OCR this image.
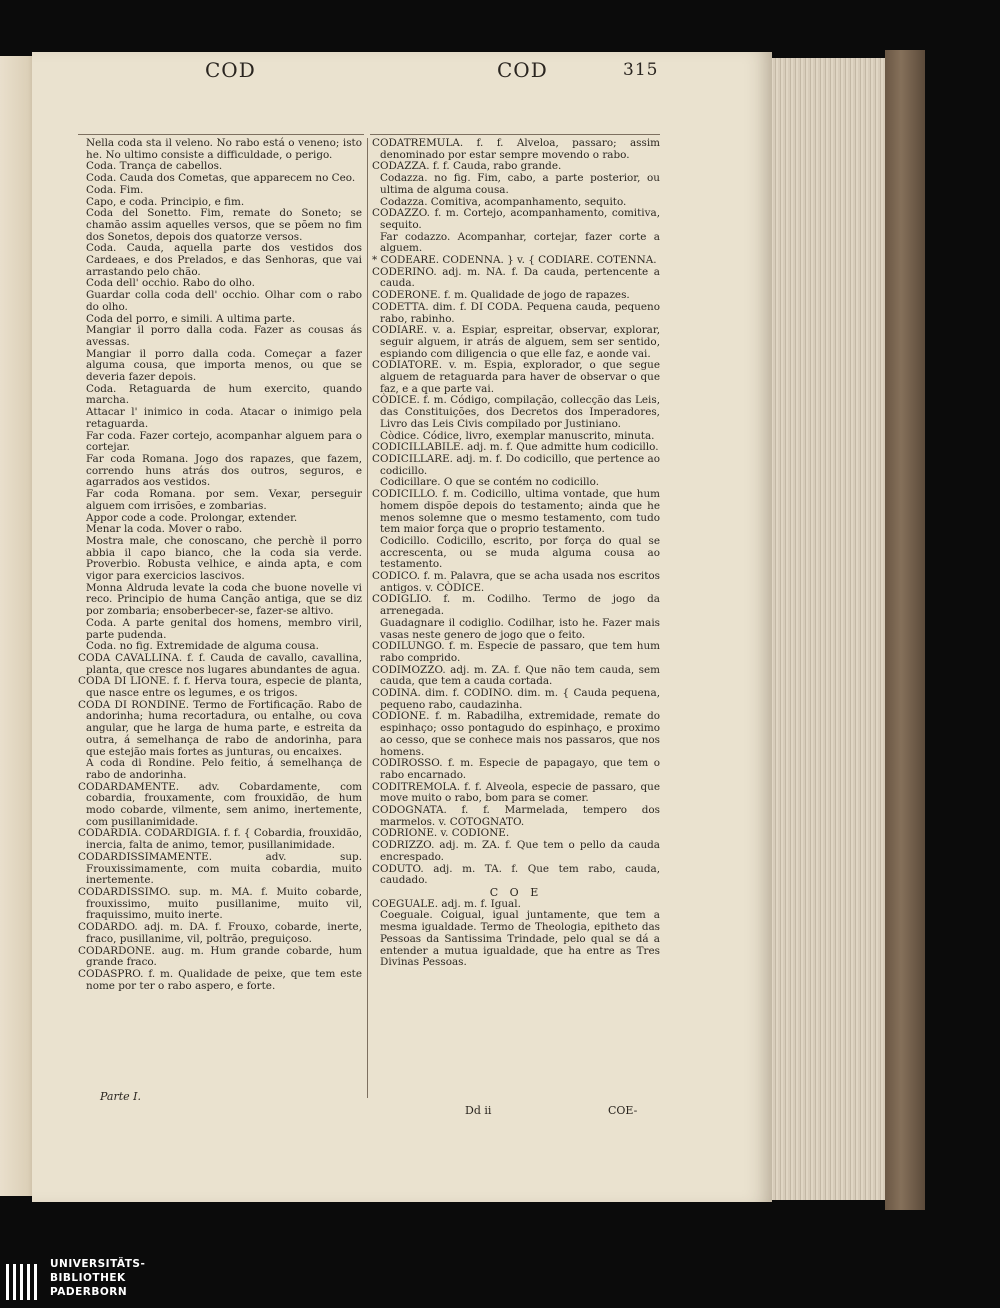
COD	COD	315

Nella coda sta il veleno. No rabo está o veneno; isto he. No ultimo consiste a difficuldade, o perigo.

Coda. Trança de cabellos.

Coda. Cauda dos Cometas, que apparecem no Ceo.

Coda. Fim.

Capo, e coda. Principio, e fim.

Coda del Sonetto. Fim, remate do Soneto; se chamão assim aquelles versos, que se põem no fim dos Sonetos, depois dos quatorze versos.

Coda. Cauda, aquella parte dos vestidos dos Cardeaes, e dos Prelados, e das Senhoras, que vai arrastando pelo chão.

Coda dell' occhio. Rabo do olho.

Guardar colla coda dell' occhio. Olhar com o rabo do olho.

Coda del porro, e simili. A ultima parte.

Mangiar il porro dalla coda. Fazer as cousas ás avessas.

Mangiar il porro dalla coda. Começar a fazer alguma cousa, que importa menos, ou que se deveria fazer depois.

Coda. Retaguarda de hum exercito, quando marcha.

Attacar l' inimico in coda. Atacar o inimigo pela retaguarda.

Far coda. Fazer cortejo, acompanhar alguem para o cortejar.

Far coda Romana. Jogo dos rapazes, que fazem, correndo huns atrás dos outros, seguros, e agarrados aos vestidos.

Far coda Romana. por sem. Vexar, perseguir alguem com irrisões, e zombarias.

Appor code a code. Prolongar, extender.

Menar la coda. Mover o rabo.

Mostra male, che conoscano, che perchè il porro abbia il capo bianco, che la coda sia verde. Proverbio. Robusta velhice, e ainda apta, e com vigor para exercicios lascivos.

Monna Aldruda levate la coda che buone novelle vi reco. Principio de huma Canção antiga, que se diz por zombaria; ensoberbecer-se, fazer-se altivo.

Coda. A parte genital dos homens, membro viril, parte pudenda.

Coda. no fig. Extremidade de alguma cousa.

CODA CAVALLINA. f. f. Cauda de cavallo, cavallina, planta, que cresce nos lugares abundantes de agua.

CODA DI LIONE. f. f. Herva toura, especie de planta, que nasce entre os legumes, e os trigos.

CODA DI RONDINE. Termo de Fortificação. Rabo de andorinha; huma recortadura, ou entalhe, ou cova angular, que he larga de huma parte, e estreita da outra, á semelhança de rabo de andorinha, para que estejão mais fortes as junturas, ou encaixes.

A coda di Rondine. Pelo feitio, á semelhança de rabo de andorinha.

CODARDAMENTE. adv. Cobardamente, com cobardia, frouxamente, com frouxidão, de hum modo cobarde, vilmente, sem animo, inertemente, com pusillanimidade.

CODARDIA. CODARDIGIA. f. f. { Cobardia, frouxidão, inercia, falta de animo, temor, pusillanimidade.

CODARDISSIMAMENTE. adv. sup. Frouxissimamente, com muita cobardia, muito inertemente.

CODARDISSIMO. sup. m. MA. f. Muito cobarde, frouxissimo, muito pusillanime, muito vil, fraquissimo, muito inerte.

CODARDO. adj. m. DA. f. Frouxo, cobarde, inerte, fraco, pusillanime, vil, poltrão, preguiçoso.

CODARDONE. aug. m. Hum grande cobarde, hum grande fraco.

CODASPRO. f. m. Qualidade de peixe, que tem este nome por ter o rabo aspero, e forte.

CODATREMULA. f. f. Alveloa, passaro; assim denominado por estar sempre movendo o rabo.

CODAZZA. f. f. Cauda, rabo grande.

Codazza. no fig. Fim, cabo, a parte posterior, ou ultima de alguma cousa.

Codazza. Comitiva, acompanhamento, sequito.

CODAZZO. f. m. Cortejo, acompanhamento, comitiva, sequito.

Far codazzo. Acompanhar, cortejar, fazer corte a alguem.

* CODEARE. CODENNA. } v. { CODIARE. COTENNA.

CODERINO. adj. m. NA. f. Da cauda, pertencente a cauda.

CODERONE. f. m. Qualidade de jogo de rapazes.

CODETTA. dim. f. DI CODA. Pequena cauda, pequeno rabo, rabinho.

CODIARE. v. a. Espiar, espreitar, observar, explorar, seguir alguem, ir atrás de alguem, sem ser sentido, espiando com diligencia o que elle faz, e aonde vai.

CODIATORE. v. m. Espia, explorador, o que segue alguem de retaguarda para haver de observar o que faz, e a que parte vai.

CÒDICE. f. m. Código, compilação, collecção das Leis, das Constituições, dos Decretos dos Imperadores, Livro das Leis Civis compilado por Justiniano.

Còdice. Códice, livro, exemplar manuscrito, minuta.

CODICILLABILE. adj. m. f. Que admitte hum codicillo.

CODICILLARE. adj. m. f. Do codicillo, que pertence ao codicillo.

Codicillare. O que se contém no codicillo.

CODICILLO. f. m. Codicillo, ultima vontade, que hum homem dispõe depois do testamento; ainda que he menos solemne que o mesmo testamento, com tudo tem maior força que o proprio testamento.

Codicillo. Codicillo, escrito, por força do qual se accrescenta, ou se muda alguma cousa ao testamento.

CODICO. f. m. Palavra, que se acha usada nos escritos antigos. v. CÒDICE.

CODIGLIO. f. m. Codilho. Termo de jogo da arrenegada.

Guadagnare il codiglio. Codilhar, isto he. Fazer mais vasas neste genero de jogo que o feito.

CODILUNGO. f. m. Especie de passaro, que tem hum rabo comprido.

CODIMOZZO. adj. m. ZA. f. Que não tem cauda, sem cauda, que tem a cauda cortada.

CODINA. dim. f. CODINO. dim. m. { Cauda pequena, pequeno rabo, caudazinha.

CODIONE. f. m. Rabadilha, extremidade, remate do espinhaço; osso pontagudo do espinhaço, e proximo ao cesso, que se conhece mais nos passaros, que nos homens.

CODIROSSO. f. m. Especie de papagayo, que tem o rabo encarnado.

CODITREMOLA. f. f. Alveola, especie de passaro, que move muito o rabo, bom para se comer.

CODOGNATA. f. f. Marmelada, tempero dos marmelos. v. COTOGNATO.

CODRIONE. v. CODIONE.

CODRIZZO. adj. m. ZA. f. Que tem o pello da cauda encrespado.

CODUTO. adj. m. TA. f. Que tem rabo, cauda, caudado.

C O E

COEGUALE. adj. m. f. Igual.

Coeguale. Coigual, igual juntamente, que tem a mesma igualdade. Termo de Theologia, epitheto das Pessoas da Santissima Trindade, pelo qual se dá a entender a mutua igualdade, que ha entre as Tres Divinas Pessoas.

Parte I.
Dd ii	COE-
UNIVERSITÄTS-
BIBLIOTHEK
PADERBORN
